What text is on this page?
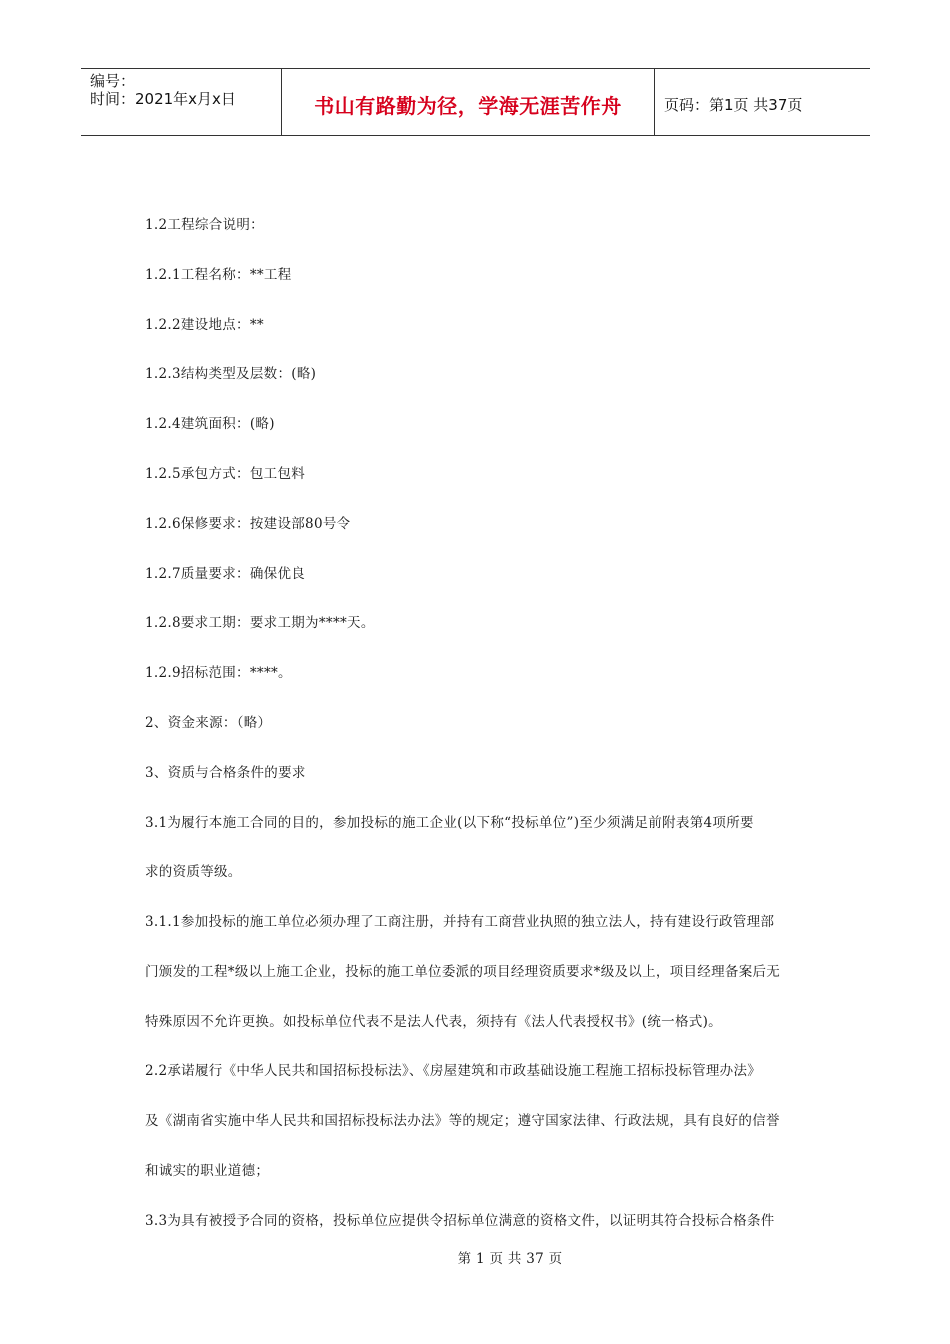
编号：
时间：2021年x月x日	书山有路勤为径，学海无涯苦作舟	页码：第1页 共37页
1.2工程综合说明：
1.2.1工程名称：**工程
1.2.2建设地点：**
1.2.3结构类型及层数：(略)
1.2.4建筑面积：(略)
1.2.5承包方式：包工包料
1.2.6保修要求：按建设部80号令
1.2.7质量要求：确保优良
1.2.8要求工期：要求工期为****天。
1.2.9招标范围：****。
2、资金来源：（略）
3、资质与合格条件的要求
3.1为履行本施工合同的目的，参加投标的施工企业(以下称“投标单位”)至少须满足前附表第4项所要
求的资质等级。
3.1.1参加投标的施工单位必须办理了工商注册，并持有工商营业执照的独立法人，持有建设行政管理部
门颁发的工程*级以上施工企业，投标的施工单位委派的项目经理资质要求*级及以上，项目经理备案后无
特殊原因不允许更换。如投标单位代表不是法人代表，须持有《法人代表授权书》(统一格式)。
2.2承诺履行《中华人民共和国招标投标法》、《房屋建筑和市政基础设施工程施工招标投标管理办法》
及《湖南省实施中华人民共和国招标投标法办法》等的规定；遵守国家法律、行政法规，具有良好的信誉
和诚实的职业道德；
3.3为具有被授予合同的资格，投标单位应提供令招标单位满意的资格文件，以证明其符合投标合格条件
第 1 页 共 37 页
